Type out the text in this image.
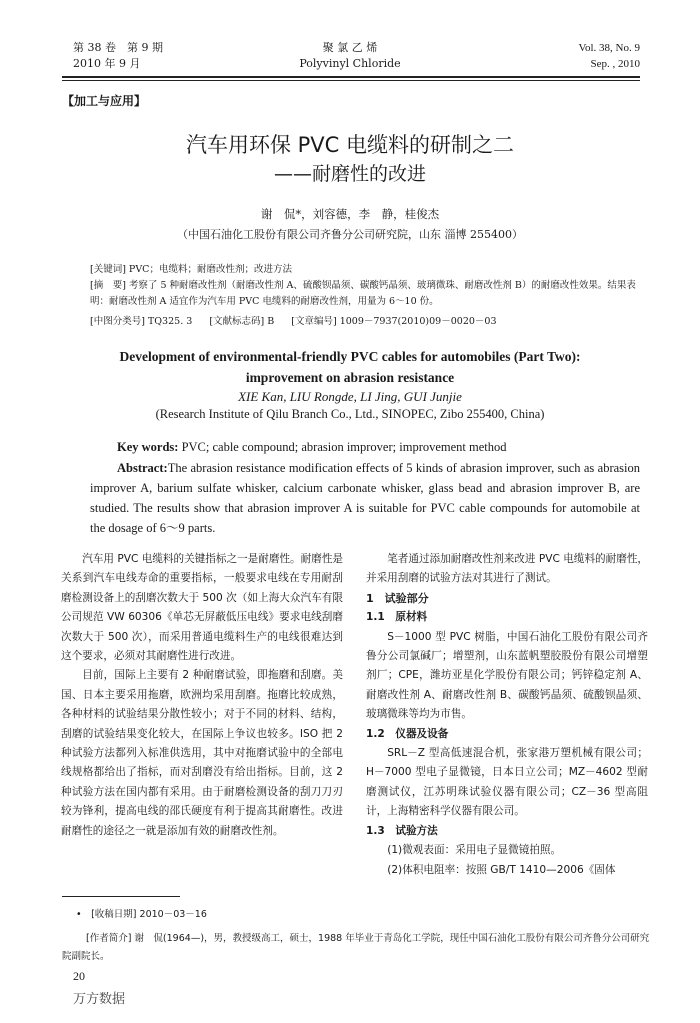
第 38 卷　第 9 期
2010 年 9 月
聚 氯 乙 烯
Polyvinyl Chloride
Vol. 38, No. 9
Sep. , 2010
【加工与应用】
汽车用环保 PVC 电缆料的研制之二
——耐磨性的改进
谢　侃*，刘容德，李　静，桂俊杰
（中国石油化工股份有限公司齐鲁分公司研究院，山东 淄博 255400）
[关键词] PVC；电缆料；耐磨改性剂；改进方法
[摘　要] 考察了 5 种耐磨改性剂（耐磨改性剂 A、硫酸钡晶须、碳酸钙晶须、玻璃微珠、耐磨改性剂 B）的耐磨改性效果。结果表明：耐磨改性剂 A 适宜作为汽车用 PVC 电缆料的耐磨改性剂，用量为 6～10 份。
[中图分类号] TQ325. 3 [文献标志码] B [文章编号] 1009－7937(2010)09－0020－03
Development of environmental-friendly PVC cables for automobiles (Part Two):
improvement on abrasion resistance
XIE Kan, LIU Rongde, LI Jing, GUI Junjie
(Research Institute of Qilu Branch Co., Ltd., SINOPEC, Zibo 255400, China)
Key words: PVC; cable compound; abrasion improver; improvement method
Abstract:The abrasion resistance modification effects of 5 kinds of abrasion improver, such as abrasion improver A, barium sulfate whisker, calcium carbonate whisker, glass bead and abrasion improver B, are studied. The results show that abrasion improver A is suitable for PVC cable compounds for automobile at the dosage of 6～9 parts.

汽车用 PVC 电缆料的关键指标之一是耐磨性。耐磨性是关系到汽车电线寿命的重要指标，一般要求电线在专用耐刮磨检测设备上的刮磨次数大于 500 次（如上海大众汽车有限公司规范 VW 60306《单芯无屏蔽低压电线》要求电线刮磨次数大于 500 次），而采用普通电缆料生产的电线很难达到这个要求，必须对其耐磨性进行改进。

目前，国际上主要有 2 种耐磨试验，即拖磨和刮磨。美国、日本主要采用拖磨，欧洲均采用刮磨。拖磨比较成熟，各种材料的试验结果分散性较小；对于不同的材料、结构，刮磨的试验结果变化较大，在国际上争议也较多。ISO 把 2 种试验方法都列入标准供选用，其中对拖磨试验中的全部电线规格都给出了指标，而对刮磨没有给出指标。目前，这 2 种试验方法在国内都有采用。由于耐磨检测设备的刮刀刀刃较为锋利，提高电线的邵氏硬度有利于提高其耐磨性。改进耐磨性的途径之一就是添加有效的耐磨改性剂。

笔者通过添加耐磨改性剂来改进 PVC 电缆料的耐磨性，并采用刮磨的试验方法对其进行了测试。

1　试验部分
1.1　原材料

S－1000 型 PVC 树脂，中国石油化工股份有限公司齐鲁分公司氯碱厂；增塑剂，山东蓝帆塑胶股份有限公司增塑剂厂；CPE，潍坊亚星化学股份有限公司；钙锌稳定剂 A、耐磨改性剂 A、耐磨改性剂 B、碳酸钙晶须、硫酸钡晶须、玻璃微珠等均为市售。

1.2　仪器及设备

SRL－Z 型高低速混合机，张家港万塑机械有限公司；H－7000 型电子显微镜，日本日立公司；MZ－4602 型耐磨测试仪，江苏明珠试验仪器有限公司；CZ－36 型高阻计，上海精密科学仪器有限公司。

1.3　试验方法

(1)微观表面：采用电子显微镜拍照。

(2)体积电阻率：按照 GB/T 1410—2006《固体

•　[收稿日期] 2010－03－16
[作者简介] 谢　侃(1964—)，男，教授级高工，硕士，1988 年毕业于青岛化工学院，现任中国石油化工股份有限公司齐鲁分公司研究院副院长。
20
万方数据
